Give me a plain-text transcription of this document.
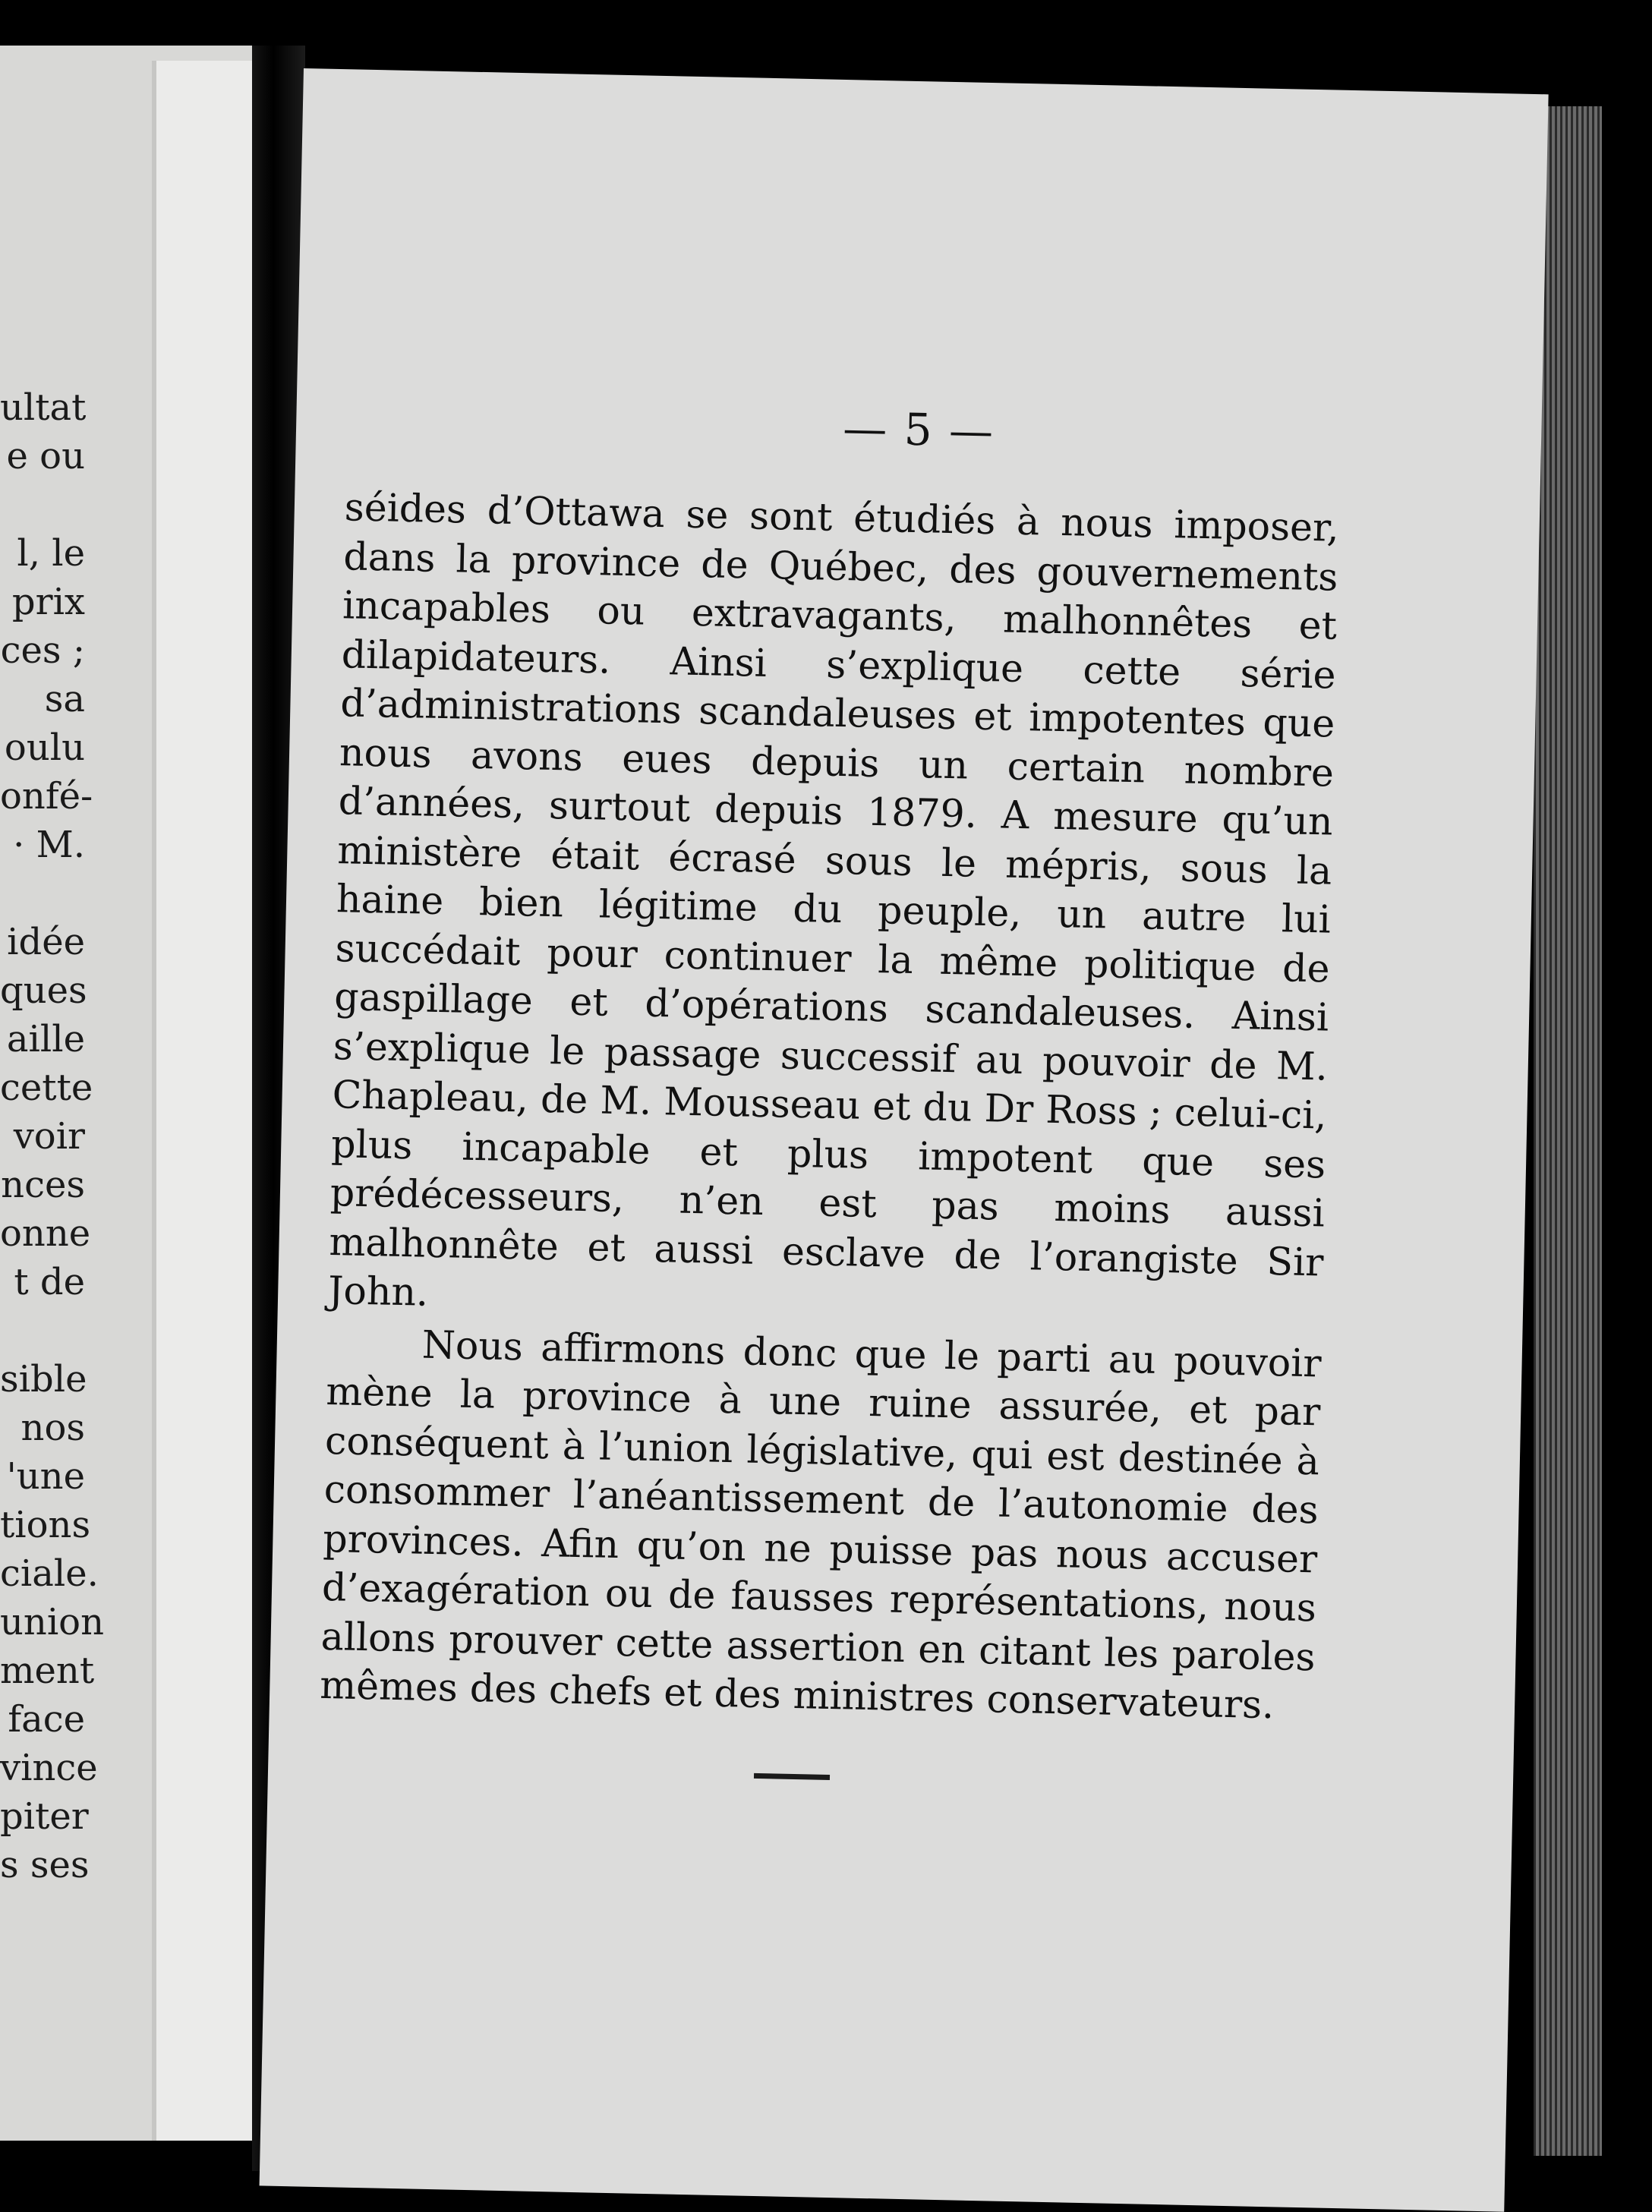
ultat
e ou
l, le
prix
ces ;
sa
oulu
onfé-
· M.
idée
ques
aille
cette
voir
nces
onne
t de
sible
nos
'une
tions
ciale.
union
ment
face
vince
piter
s ses
— 5 —

séides d’Ottawa se sont étudiés à nous imposer, dans la province de Québec, des gouvernements incapables ou extravagants, malhonnêtes et dilapidateurs. Ainsi s’explique cette série d’administrations scandaleuses et impotentes que nous avons eues depuis un certain nombre d’années, surtout depuis 1879. A mesure qu’un ministère était écrasé sous le mépris, sous la haine bien légitime du peuple, un autre lui succédait pour continuer la même politique de gaspillage et d’opérations scandaleuses. Ainsi s’explique le passage successif au pouvoir de M. Chapleau, de M. Mousseau et du Dr Ross ; celui-ci, plus incapable et plus impotent que ses prédécesseurs, n’en est pas moins aussi malhonnête et aussi esclave de l’orangiste Sir John.

Nous affirmons donc que le parti au pouvoir mène la province à une ruine assurée, et par conséquent à l’union législative, qui est destinée à consommer l’anéantissement de l’autonomie des provinces. Afin qu’on ne puisse pas nous accuser d’exagération ou de fausses représentations, nous allons prouver cette assertion en citant les paroles mêmes des chefs et des ministres conservateurs.
